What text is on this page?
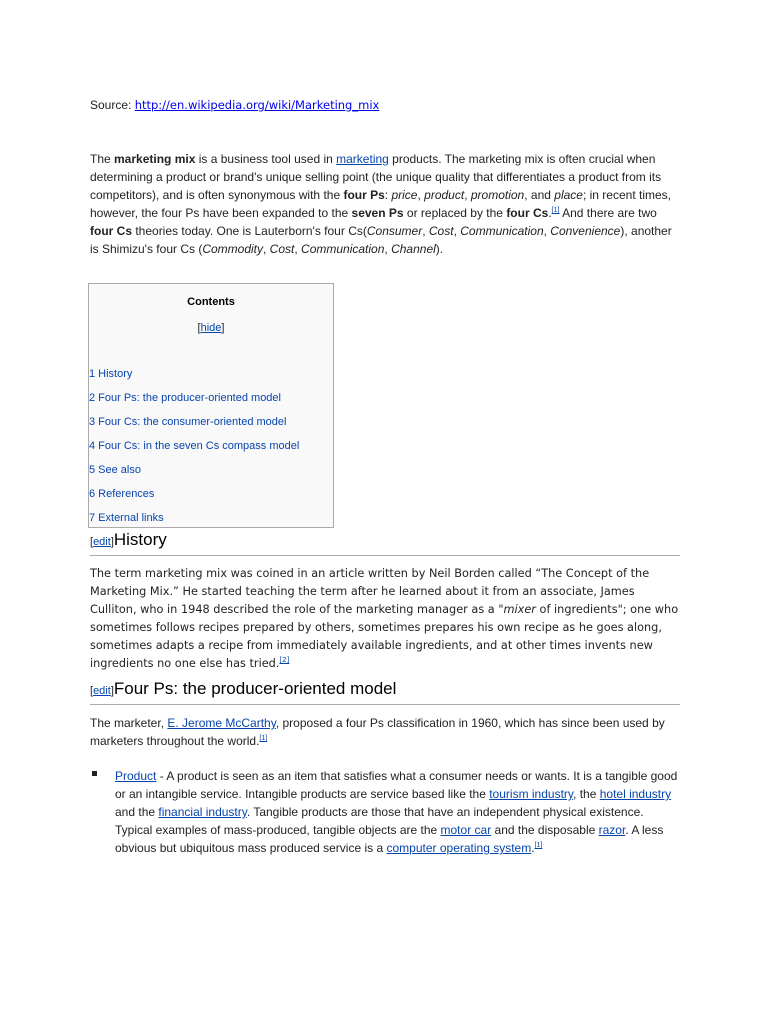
Source: http://en.wikipedia.org/wiki/Marketing_mix

The marketing mix is a business tool used in marketing products. The marketing mix is often crucial when determining a product or brand's unique selling point (the unique quality that differentiates a product from its competitors), and is often synonymous with the four Ps: price, product, promotion, and place; in recent times, however, the four Ps have been expanded to the seven Ps or replaced by the four Cs.[1] And there are two four Cs theories today. One is Lauterborn's four Cs(Consumer, Cost, Communication, Convenience), another is Shimizu's four Cs (Commodity, Cost, Communication, Channel).

Contents
[hide]
1 History
2 Four Ps: the producer-oriented model
3 Four Cs: the consumer-oriented model
4 Four Cs: in the seven Cs compass model
5 See also
6 References
7 External links
[edit]History

The term marketing mix was coined in an article written by Neil Borden called “The Concept of the Marketing Mix.” He started teaching the term after he learned about it from an associate, James Culliton, who in 1948 described the role of the marketing manager as a "mixer of ingredients"; one who sometimes follows recipes prepared by others, sometimes prepares his own recipe as he goes along, sometimes adapts a recipe from immediately available ingredients, and at other times invents new ingredients no one else has tried.[2]

[edit]Four Ps: the producer-oriented model

The marketer, E. Jerome McCarthy, proposed a four Ps classification in 1960, which has since been used by marketers throughout the world.[1]

Product - A product is seen as an item that satisfies what a consumer needs or wants. It is a tangible good or an intangible service. Intangible products are service based like the tourism industry, the hotel industry and the financial industry. Tangible products are those that have an independent physical existence. Typical examples of mass-produced, tangible objects are the motor car and the disposable razor. A less obvious but ubiquitous mass produced service is a computer operating system.[1]
